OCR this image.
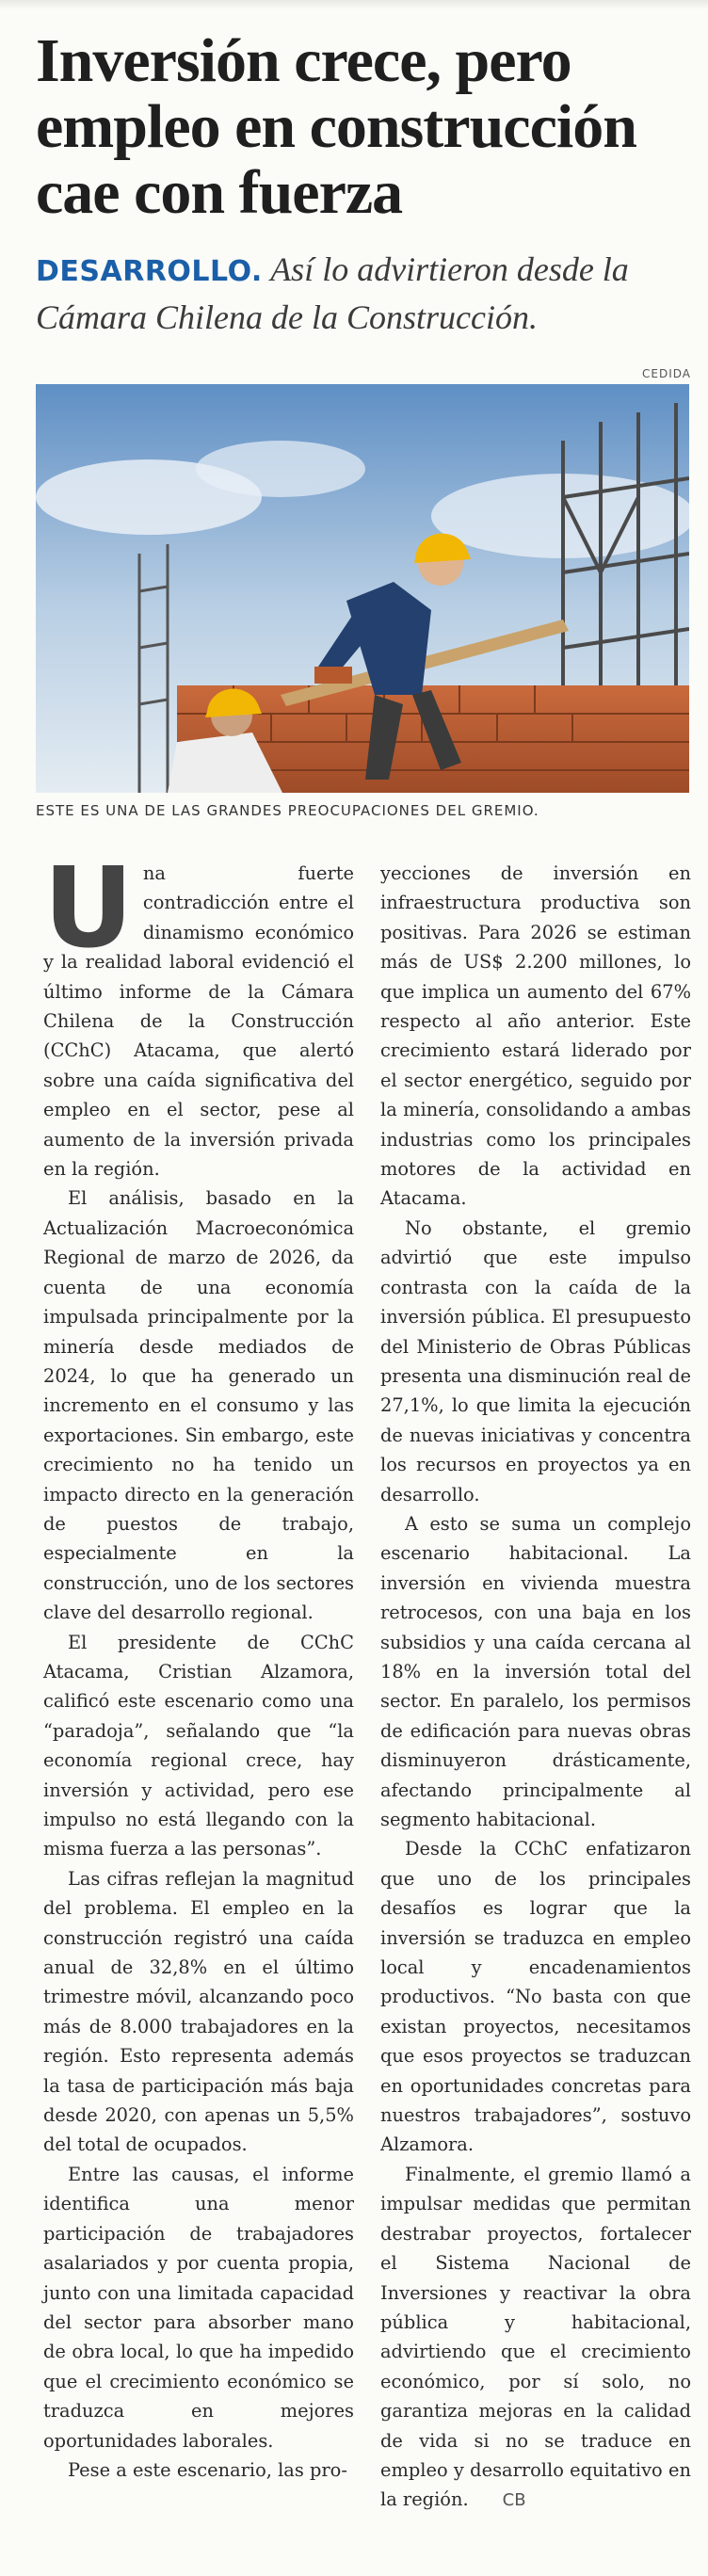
Inversión crece, pero empleo en construcción cae con fuerza
DESARROLLO. Así lo advirtieron desde la Cámara Chilena de la Construcción.
CEDIDA
ESTE ES UNA DE LAS GRANDES PREOCUPACIONES DEL GREMIO.

Una fuerte contradicción entre el dinamismo económico y la realidad laboral evidenció el último informe de la Cámara Chilena de la Construcción (CChC) Atacama, que alertó sobre una caída significativa del empleo en el sector, pese al aumento de la inversión privada en la región.

El análisis, basado en la Actualización Macroeconómica Regional de marzo de 2026, da cuenta de una economía impulsada principalmente por la minería desde mediados de 2024, lo que ha generado un incremento en el consumo y las exportaciones. Sin embargo, este crecimiento no ha tenido un impacto directo en la generación de puestos de trabajo, especialmente en la construcción, uno de los sectores clave del desarrollo regional.

El presidente de CChC Atacama, Cristian Alzamora, calificó este escenario como una “paradoja”, señalando que “la economía regional crece, hay inversión y actividad, pero ese impulso no está llegando con la misma fuerza a las personas”.

Las cifras reflejan la magnitud del problema. El empleo en la construcción registró una caída anual de 32,8% en el último trimestre móvil, alcanzando poco más de 8.000 trabajadores en la región. Esto representa además la tasa de participación más baja desde 2020, con apenas un 5,5% del total de ocupados.

Entre las causas, el informe identifica una menor participación de trabajadores asalariados y por cuenta propia, junto con una limitada capacidad del sector para absorber mano de obra local, lo que ha impedido que el crecimiento económico se traduzca en mejores oportunidades laborales.

Pese a este escenario, las pro-

yecciones de inversión en infraestructura productiva son positivas. Para 2026 se estiman más de US$ 2.200 millones, lo que implica un aumento del 67% respecto al año anterior. Este crecimiento estará liderado por el sector energético, seguido por la minería, consolidando a ambas industrias como los principales motores de la actividad en Atacama.

No obstante, el gremio advirtió que este impulso contrasta con la caída de la inversión pública. El presupuesto del Ministerio de Obras Públicas presenta una disminución real de 27,1%, lo que limita la ejecución de nuevas iniciativas y concentra los recursos en proyectos ya en desarrollo.

A esto se suma un complejo escenario habitacional. La inversión en vivienda muestra retrocesos, con una baja en los subsidios y una caída cercana al 18% en la inversión total del sector. En paralelo, los permisos de edificación para nuevas obras disminuyeron drásticamente, afectando principalmente al segmento habitacional.

Desde la CChC enfatizaron que uno de los principales desafíos es lograr que la inversión se traduzca en empleo local y encadenamientos productivos. “No basta con que existan proyectos, necesitamos que esos proyectos se traduzcan en oportunidades concretas para nuestros trabajadores”, sostuvo Alzamora.

Finalmente, el gremio llamó a impulsar medidas que permitan destrabar proyectos, fortalecer el Sistema Nacional de Inversiones y reactivar la obra pública y habitacional, advirtiendo que el crecimiento económico, por sí solo, no garantiza mejoras en la calidad de vida si no se traduce en empleo y desarrollo equitativo en la región. CB
